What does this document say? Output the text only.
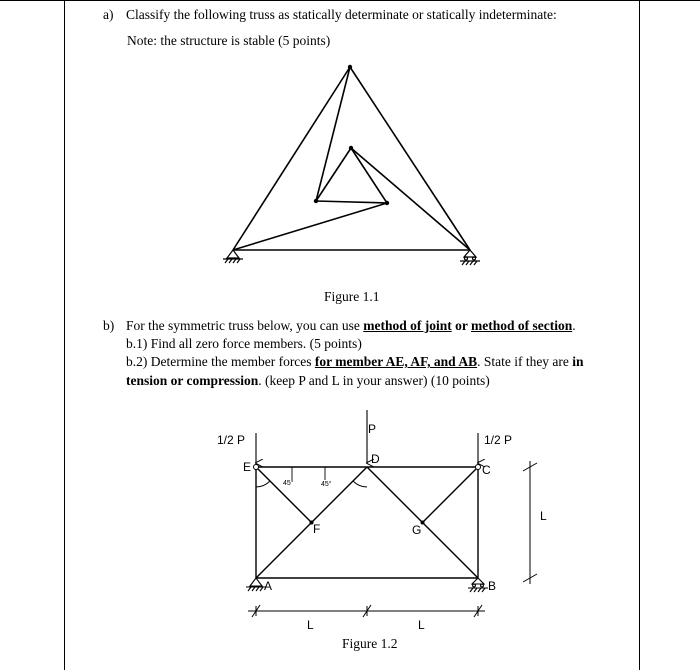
a) Classify the following truss as statically determinate or statically indeterminate:
Note: the structure is stable (5 points)
Figure 1.1
b) For the symmetric truss below, you can use method of joint or method of section.
b.1) Find all zero force members. (5 points)
b.2) Determine the member forces for member AE, AF, and AB. State if they are in
tension or compression. (keep P and L in your answer) (10 points)
Figure 1.2
1/2 P	1/2 P
P
D
E	C
F	G
A	B
L
L	L
45°	45°
